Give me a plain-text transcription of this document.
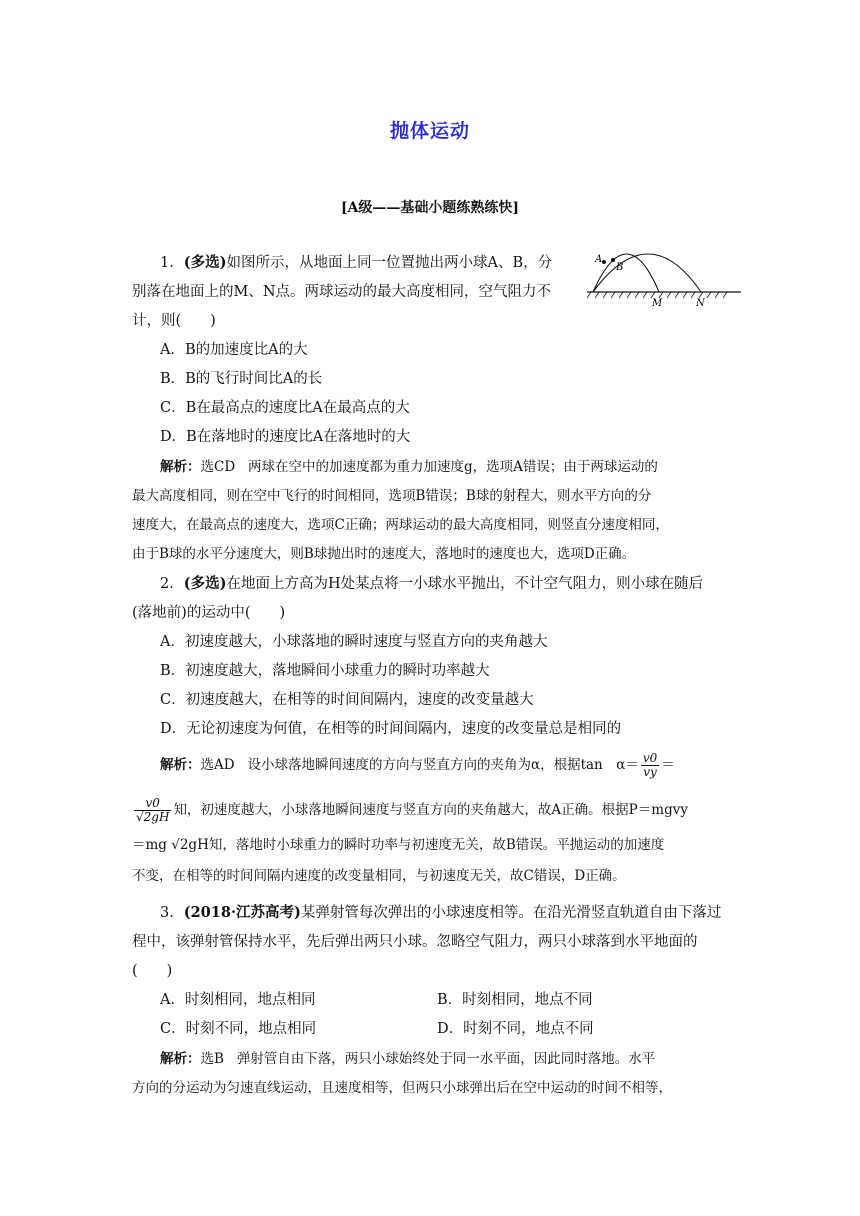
抛体运动
[A级——基础小题练熟练快]
1．(多选)如图所示，从地面上同一位置抛出两小球A、B，分
别落在地面上的M、N点。两球运动的最大高度相同，空气阻力不
计，则(　　)
A
B
M	N
A．B的加速度比A的大
B．B的飞行时间比A的长
C．B在最高点的速度比A在最高点的大
D．B在落地时的速度比A在落地时的大
解析：选CD 两球在空中的加速度都为重力加速度g，选项A错误；由于两球运动的
最大高度相同，则在空中飞行的时间相同，选项B错误；B球的射程大，则水平方向的分
速度大，在最高点的速度大，选项C正确；两球运动的最大高度相同，则竖直分速度相同，
由于B球的水平分速度大，则B球抛出时的速度大，落地时的速度也大，选项D正确。
2．(多选)在地面上方高为H处某点将一小球水平抛出，不计空气阻力，则小球在随后
(落地前)的运动中(　　)
A．初速度越大，小球落地的瞬时速度与竖直方向的夹角越大
B．初速度越大，落地瞬间小球重力的瞬时功率越大
C．初速度越大，在相等的时间间隔内，速度的改变量越大
D．无论初速度为何值，在相等的时间间隔内，速度的改变量总是相同的
解析：选AD 设小球落地瞬间速度的方向与竖直方向的夹角为α，根据tan　$\alpha= \frac{v0}{vy}$ ＝
$\frac{v0}{√2gH}$ 知，初速度越大，小球落地瞬间速度与竖直方向的夹角越大，故A正确。根据P＝mgvy
＝mg √2gH知，落地时小球重力的瞬时功率与初速度无关，故B错误。平抛运动的加速度
不变，在相等的时间间隔内速度的改变量相同，与初速度无关，故C错误，D正确。
3．(2018·江苏高考)某弹射管每次弹出的小球速度相等。在沿光滑竖直轨道自由下落过
程中，该弹射管保持水平，先后弹出两只小球。忽略空气阻力，两只小球落到水平地面的
(　　)
A．时刻相同，地点相同	B．时刻相同，地点不同
C．时刻不同，地点相同	D．时刻不同，地点不同
解析：选B 弹射管自由下落，两只小球始终处于同一水平面，因此同时落地。水平
方向的分运动为匀速直线运动，且速度相等，但两只小球弹出后在空中运动的时间不相等，
